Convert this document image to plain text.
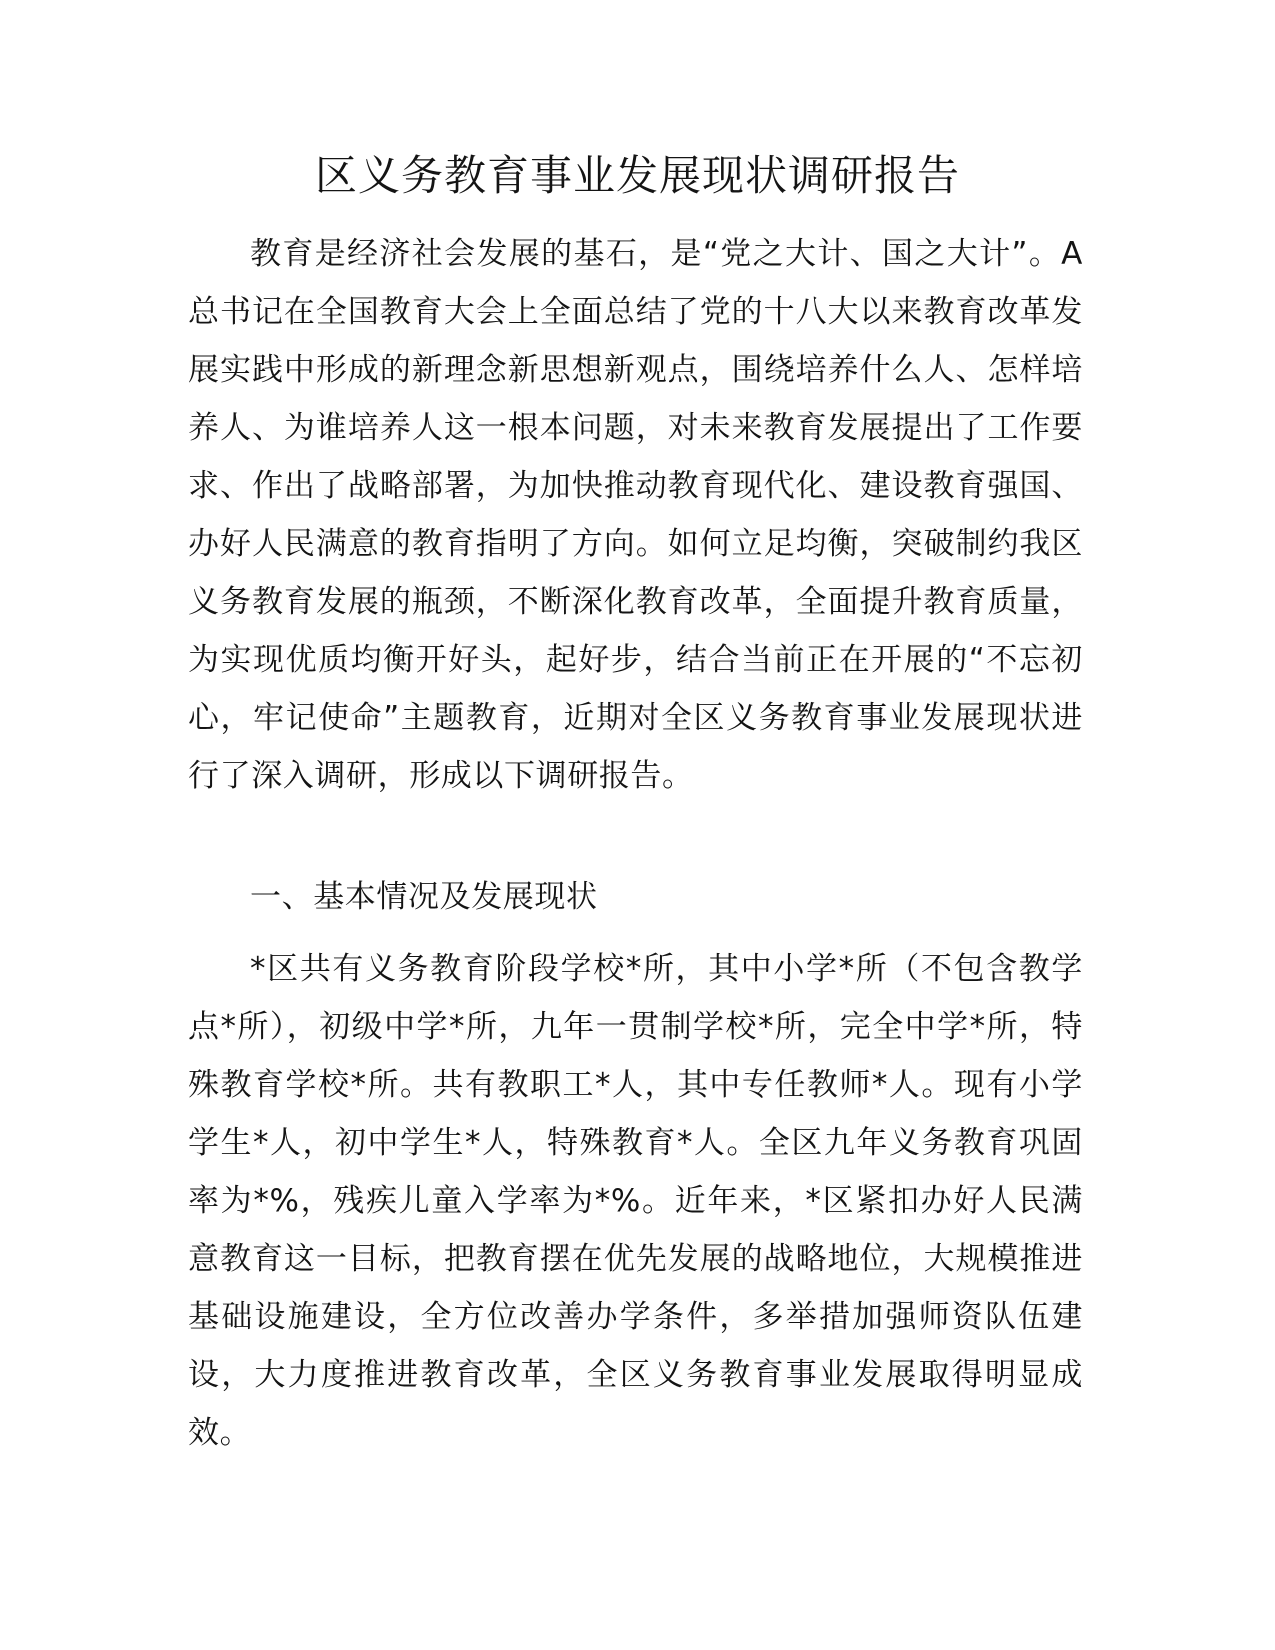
区义务教育事业发展现状调研报告

教育是经济社会发展的基石，是“党之大计、国之大计”。A总书记在全国教育大会上全面总结了党的十八大以来教育改革发展实践中形成的新理念新思想新观点，围绕培养什么人、怎样培养人、为谁培养人这一根本问题，对未来教育发展提出了工作要求、作出了战略部署，为加快推动教育现代化、建设教育强国、办好人民满意的教育指明了方向。如何立足均衡，突破制约我区义务教育发展的瓶颈，不断深化教育改革，全面提升教育质量，为实现优质均衡开好头，起好步，结合当前正在开展的“不忘初心，牢记使命”主题教育，近期对全区义务教育事业发展现状进行了深入调研，形成以下调研报告。

一、基本情况及发展现状

*区共有义务教育阶段学校*所，其中小学*所（不包含教学点*所），初级中学*所，九年一贯制学校*所，完全中学*所，特殊教育学校*所。共有教职工*人，其中专任教师*人。现有小学学生*人，初中学生*人，特殊教育*人。全区九年义务教育巩固率为*%，残疾儿童入学率为*%。近年来，*区紧扣办好人民满意教育这一目标，把教育摆在优先发展的战略地位，大规模推进基础设施建设，全方位改善办学条件，多举措加强师资队伍建设，大力度推进教育改革，全区义务教育事业发展取得明显成效。
